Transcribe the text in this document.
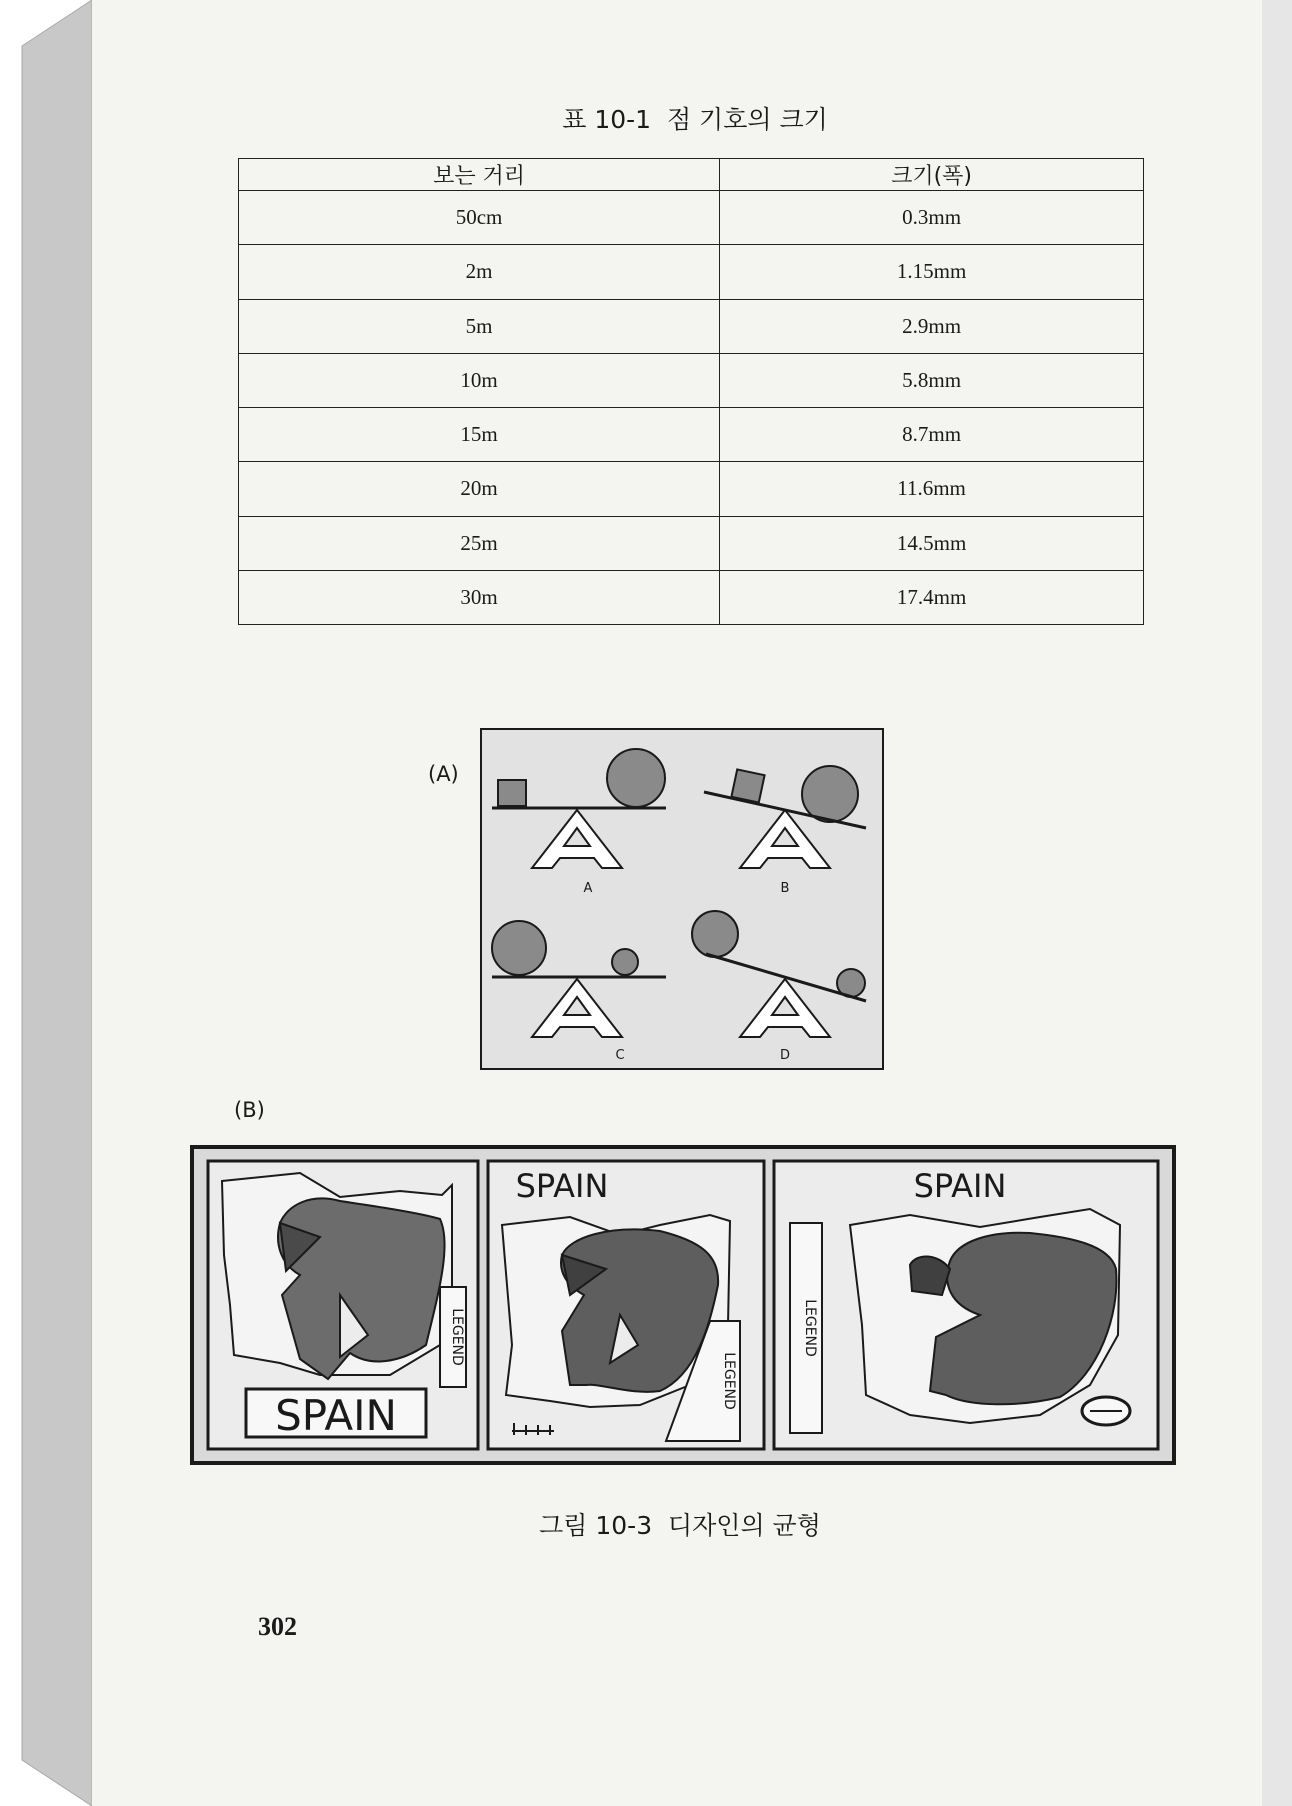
표 10-1  점 기호의 크기
보는 거리	크기(폭)
50cm	0.3mm
2m	1.15mm
5m	2.9mm
10m	5.8mm
15m	8.7mm
20m	11.6mm
25m	14.5mm
30m	17.4mm
(A)
A	B
C	D
(B)
SPAIN
LEGEND
SPAIN
LEGEND
SPAIN
LEGEND
그림 10-3  디자인의 균형
302
